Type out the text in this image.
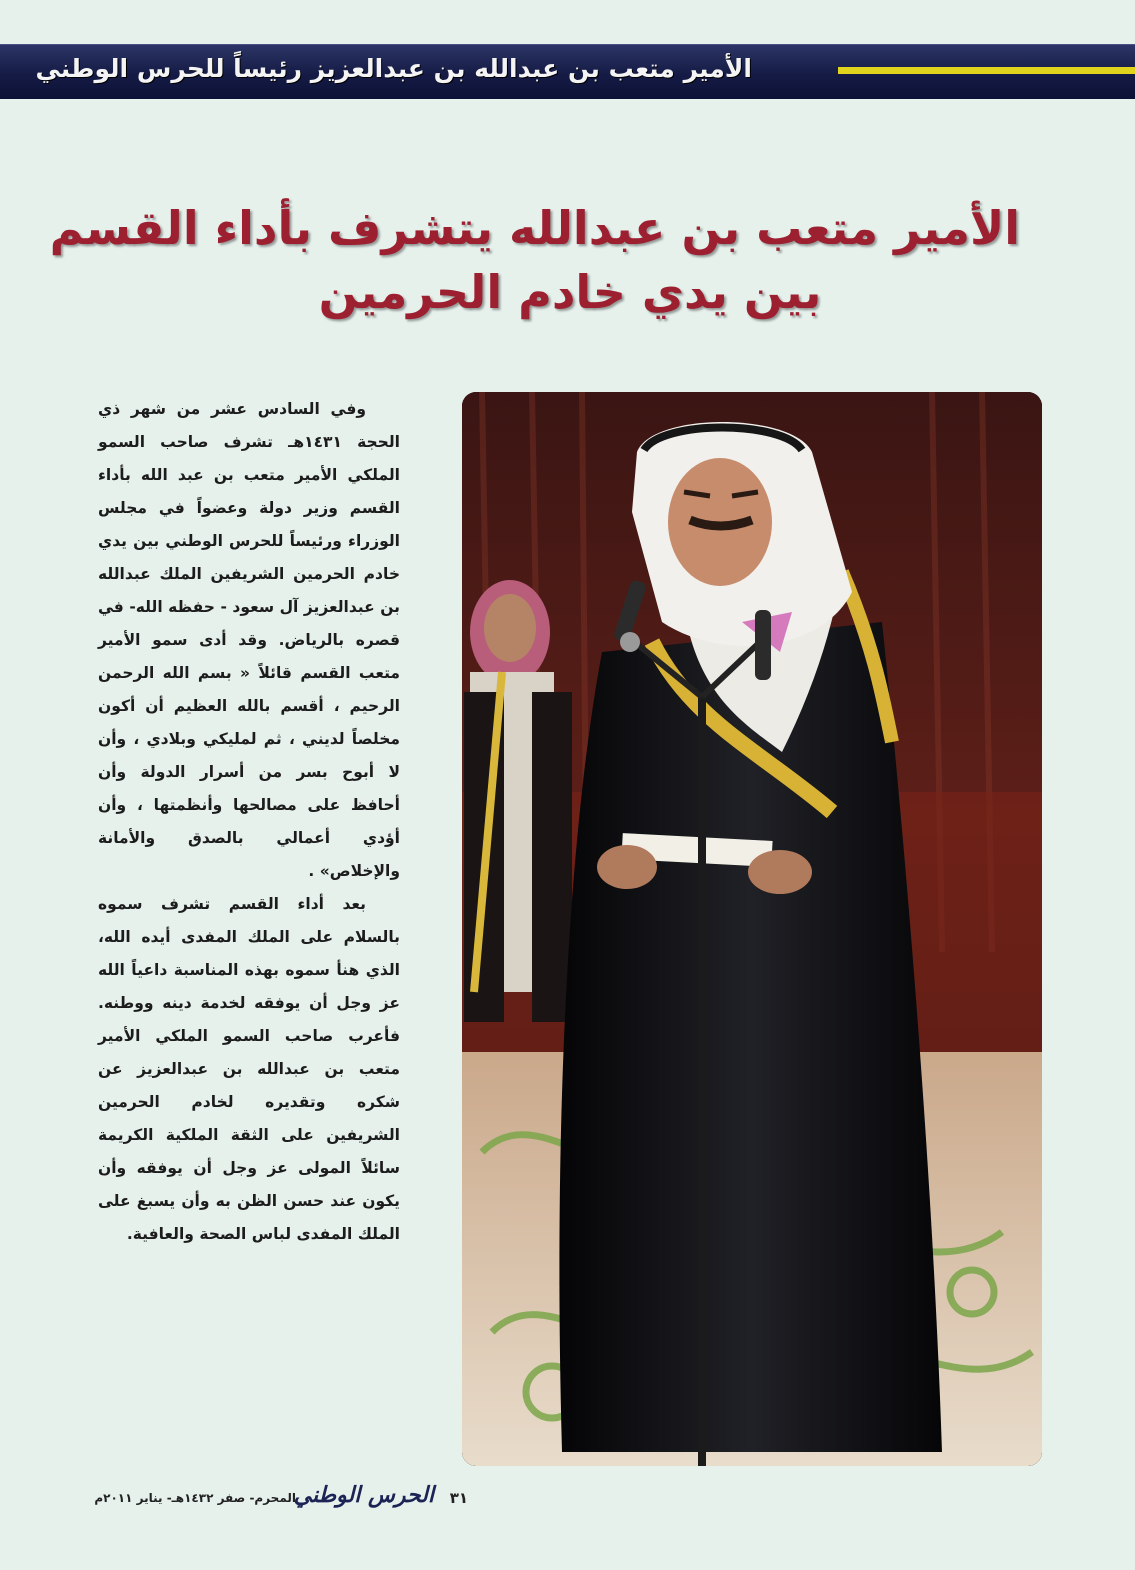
الأمير متعب بن عبدالله بن عبدالعزيز رئيساً للحرس الوطني
الأمير متعب بن عبدالله يتشرف بأداء القسم
بين يدي خادم الحرمين

وفي السادس عشر من شهر ذي الحجة ١٤٣١هـ تشرف صاحب السمو الملكي الأمير متعب بن عبد الله بأداء القسم وزير دولة وعضواً في مجلس الوزراء ورئيساً للحرس الوطني بين يدي خادم الحرمين الشريفين الملك عبدالله بن عبدالعزيز آل سعود - حفظه الله- في قصره بالرياض. وقد أدى سمو الأمير متعب القسم قائلاً « بسم الله الرحمن الرحيم ، أقسم بالله العظيم أن أكون مخلصاً لديني ، ثم لمليكي وبلادي ، وأن لا أبوح بسر من أسرار الدولة وأن أحافظ على مصالحها وأنظمتها ، وأن أؤدي أعمالي بالصدق والأمانة والإخلاص» .

بعد أداء القسم تشرف سموه بالسلام على الملك المفدى أيده الله، الذي هنأ سموه بهذه المناسبة داعياً الله عز وجل أن يوفقه لخدمة دينه ووطنه. فأعرب صاحب السمو الملكي الأمير متعب بن عبدالله بن عبدالعزيز عن شكره وتقديره لخادم الحرمين الشريفين على الثقة الملكية الكريمة سائلاً المولى عز وجل أن يوفقه وأن يكون عند حسن الظن به وأن يسبغ على الملك المفدى لباس الصحة والعافية.

٣١
الحرس الوطني
المحرم- صفر ١٤٣٢هـ- يناير ٢٠١١م
